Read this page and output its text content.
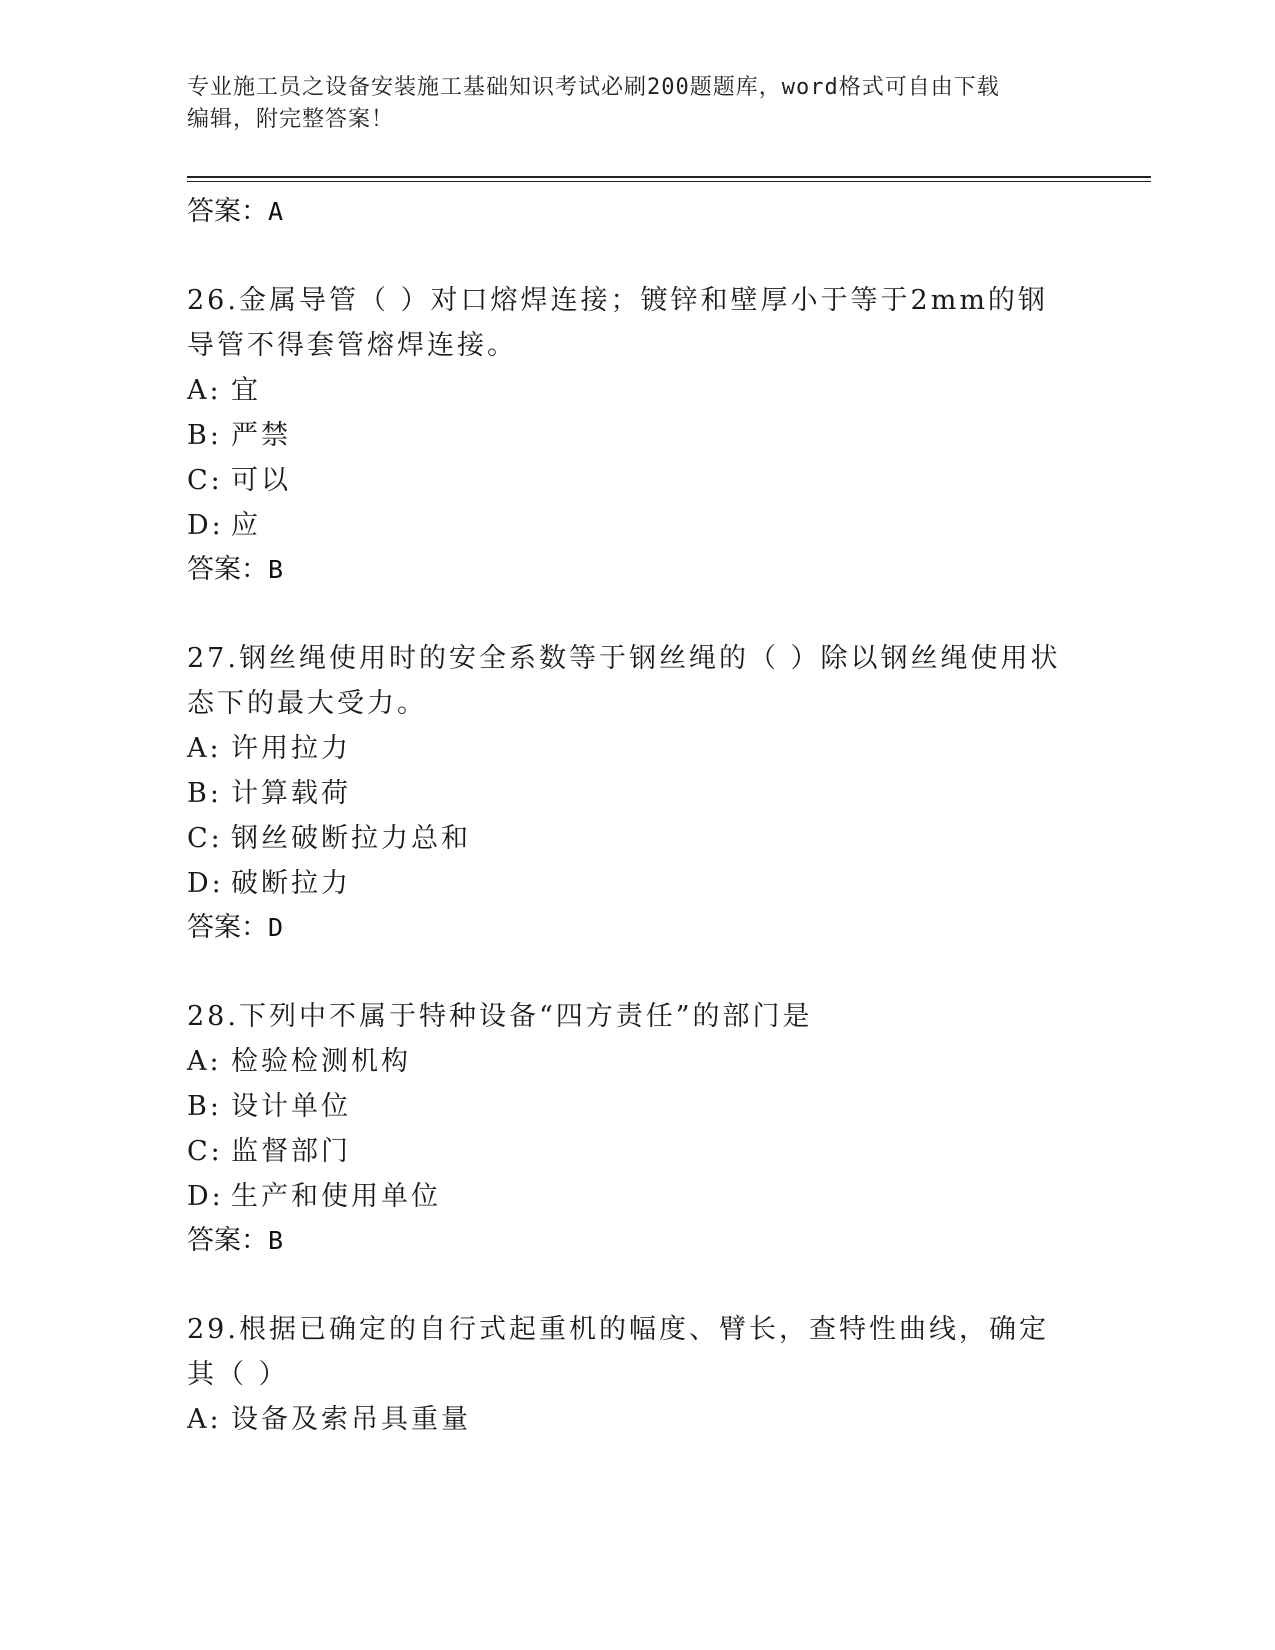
专业施工员之设备安装施工基础知识考试必刷200题题库，word格式可自由下载
编辑，附完整答案！
答案：A
26.金属导管（ ）对口熔焊连接；镀锌和壁厚小于等于2mm的钢导管不得套管熔焊连接。
A: 宜
B: 严禁
C: 可以
D: 应
答案：B
27.钢丝绳使用时的安全系数等于钢丝绳的（ ）除以钢丝绳使用状态下的最大受力。
A: 许用拉力
B: 计算载荷
C: 钢丝破断拉力总和
D: 破断拉力
答案：D
28.下列中不属于特种设备“四方责任”的部门是
A: 检验检测机构
B: 设计单位
C: 监督部门
D: 生产和使用单位
答案：B
29.根据已确定的自行式起重机的幅度、臂长，查特性曲线，确定其（ ）
A: 设备及索吊具重量
